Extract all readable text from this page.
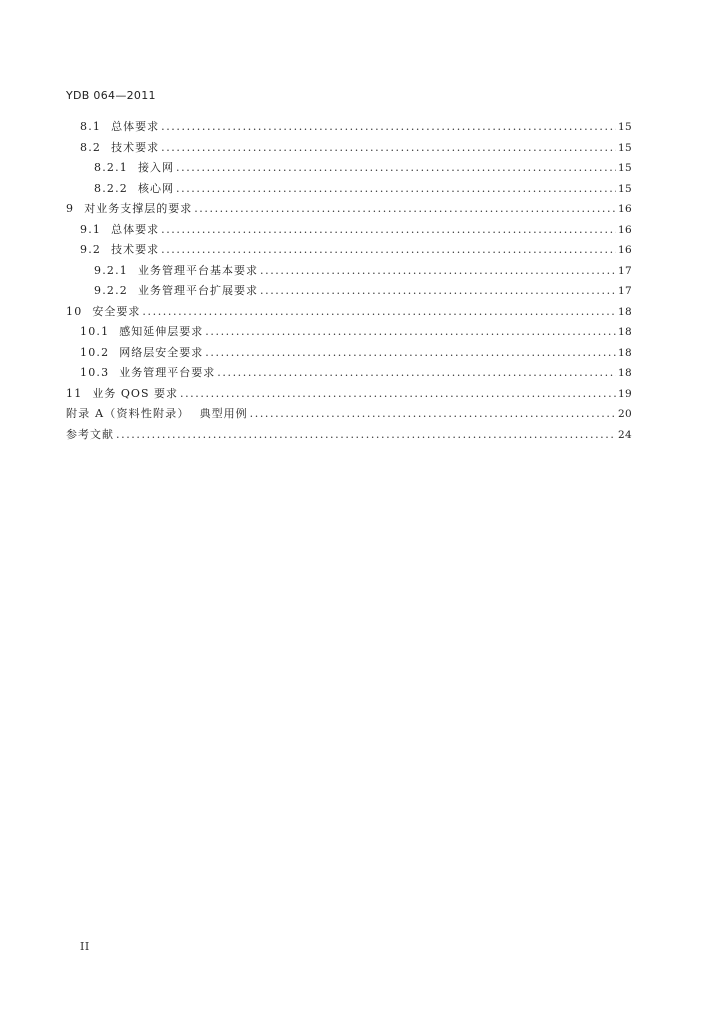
YDB 064—2011
8.1 总体要求 .....	15
8.2 技术要求 .....	15
8.2.1 接入网 .....	15
8.2.2 核心网 .....	15
9 对业务支撑层的要求 .....	16
9.1 总体要求 .....	16
9.2 技术要求 .....	16
9.2.1 业务管理平台基本要求 .....	17
9.2.2 业务管理平台扩展要求 .....	17
10 安全要求 .....	18
10.1 感知延伸层要求 .....	18
10.2 网络层安全要求 .....	18
10.3 业务管理平台要求 .....	18
11 业务 QOS 要求 .....	19
附录 A（资料性附录） 典型用例 .....	20
参考文献 .....	24
II
